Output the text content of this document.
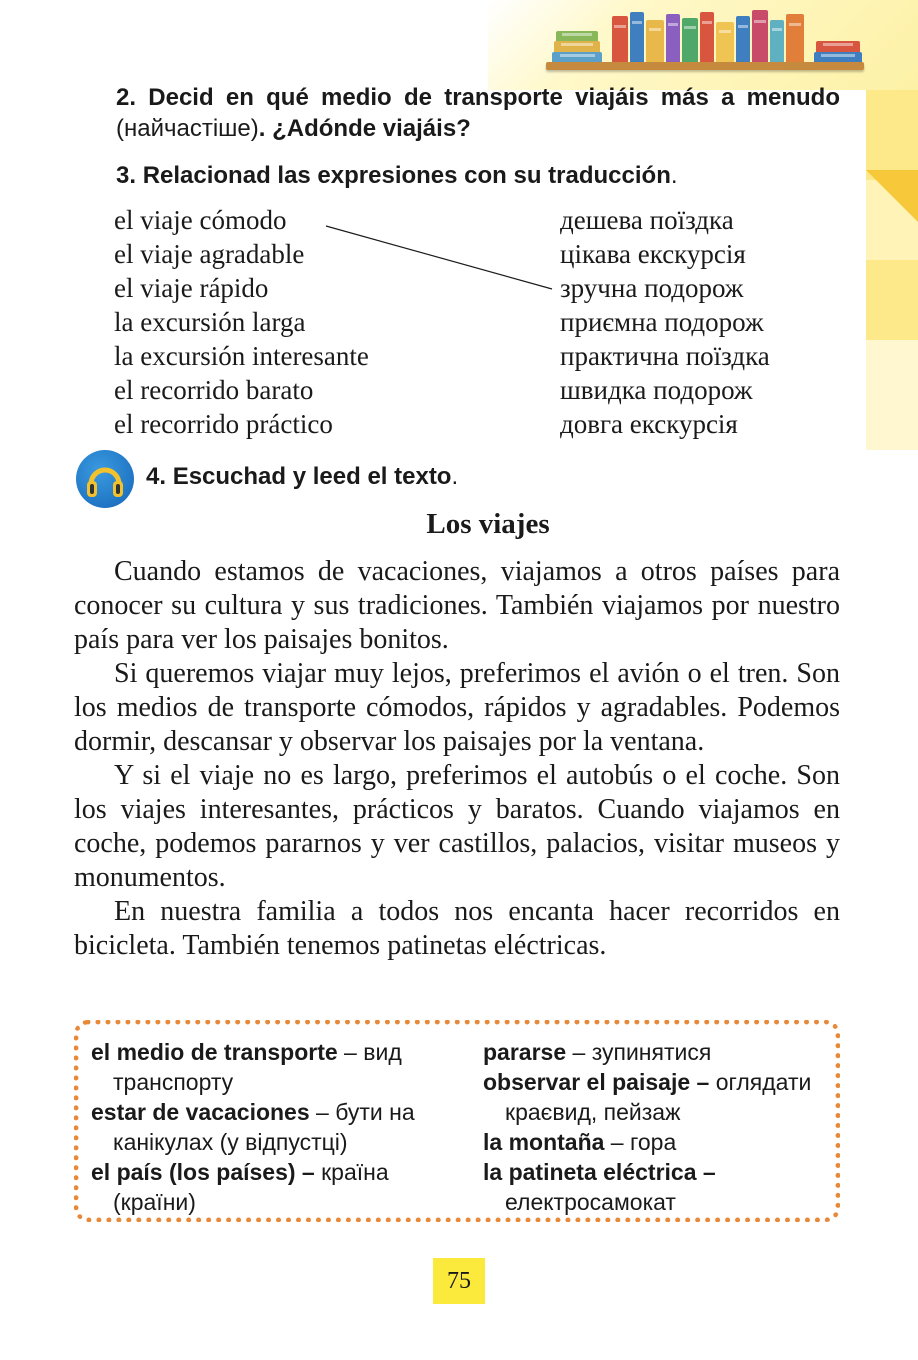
2. Decid en qué medio de transporte viajáis más a menudo (найчастіше). ¿Adónde viajáis?
3. Relacionad las expresiones con su traducción.
el viaje cómodo
el viaje agradable
el viaje rápido
la excursión larga
la excursión interesante
el recorrido barato
el recorrido práctico
дешева поїздка
цікава екскурсія
зручна подорож
приємна подорож
практична поїздка
швидка подорож
довга екскурсія
4. Escuchad y leed el texto.
Los viajes

Cuando estamos de vacaciones, viajamos a otros países para conocer su cultura y sus tradiciones. También viajamos por nuestro país para ver los paisajes bonitos.

Si queremos viajar muy lejos, preferimos el avión o el tren. Son los medios de transporte cómodos, rápidos y agradables. Podemos dormir, descansar y observar los paisajes por la ventana.

Y si el viaje no es largo, preferimos el autobús o el coche. Son los viajes interesantes, prácticos y baratos. Cuando viajamos en coche, podemos pararnos y ver castillos, palacios, visitar museos y monumentos.

En nuestra familia a todos nos encanta hacer recorridos en bicicleta. También tenemos patinetas eléctricas.

el medio de transporte – вид транспорту
estar de vacaciones – бути на канікулах (у відпустці)
el país (los países) – країна (країни)
pararse – зупинятися
observar el paisaje – оглядати краєвид, пейзаж
la montaña – гора
la patineta eléctrica – електросамокат
75
